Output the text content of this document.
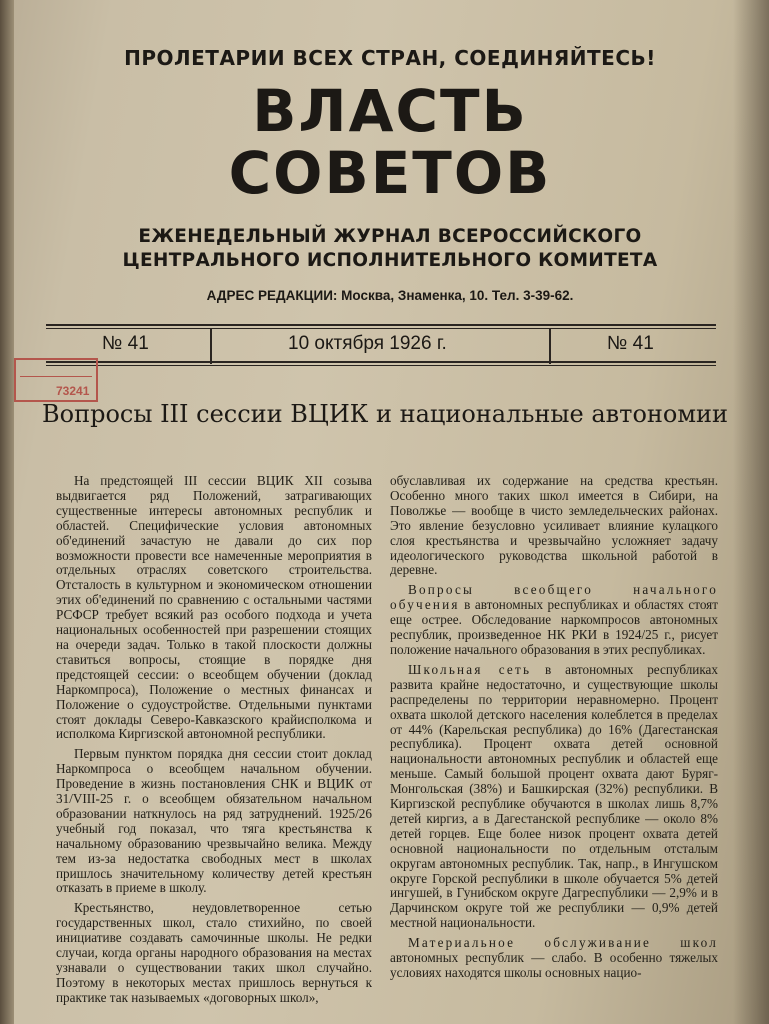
ПРОЛЕТАРИИ ВСЕХ СТРАН, СОЕДИНЯЙТЕСЬ!
ВЛАСТЬ
СОВЕТОВ
ЕЖЕНЕДЕЛЬНЫЙ ЖУРНАЛ ВСЕРОССИЙСКОГО
ЦЕНТРАЛЬНОГО ИСПОЛНИТЕЛЬНОГО КОМИТЕТА
АДРЕС РЕДАКЦИИ: Москва, Знаменка, 10. Тел. 3-39-62.
№ 41	10 октября 1926 г.	№ 41
73241
Вопросы III сессии ВЦИК и национальные автономии

На предстоящей III сессии ВЦИК XII созыва выдвигается ряд Положений, затрагивающих существенные интересы автономных республик и областей. Специфические условия автономных об'единений зачастую не давали до сих пор возможности провести все намеченные мероприятия в отдельных отраслях советского строительства. Отсталость в культурном и экономическом отношении этих об'единений по сравнению с остальными частями РСФСР требует всякий раз особого подхода и учета национальных особенностей при разрешении стоящих на очереди задач. Только в такой плоскости должны ставиться вопросы, стоящие в порядке дня предстоящей сессии: о всеобщем обучении (доклад Наркомпроса), Положение о местных финансах и Положение о судоустройстве. Отдельными пунктами стоят доклады Северо-Кавказского крайисполкома и исполкома Киргизской автономной республики.

Первым пунктом порядка дня сессии стоит доклад Наркомпроса о всеобщем начальном обучении. Проведение в жизнь постановления СНК и ВЦИК от 31/VIII-25 г. о всеобщем обязательном начальном образовании наткнулось на ряд затруднений. 1925/26 учебный год показал, что тяга крестьянства к начальному образованию чрезвычайно велика. Между тем из-за недостатка свободных мест в школах пришлось значительному количеству детей крестьян отказать в приеме в школу.

Крестьянство, неудовлетворенное сетью государственных школ, стало стихийно, по своей инициативе создавать самочинные школы. Не редки случаи, когда органы народного образования на местах узнавали о существовании таких школ случайно. Поэтому в некоторых местах пришлось вернуться к практике так называемых «договорных школ»,

обуславливая их содержание на средства крестьян. Особенно много таких школ имеется в Сибири, на Поволжье — вообще в чисто земледельческих районах. Это явление безусловно усиливает влияние кулацкого слоя крестьянства и чрезвычайно усложняет задачу идеологического руководства школьной работой в деревне.

Вопросы всеобщего начального обучения в автономных республиках и областях стоят еще острее. Обследование наркомпросов автономных республик, произведенное НК РКИ в 1924/25 г., рисует положение начального образования в этих республиках.

Школьная сеть в автономных республиках развита крайне недостаточно, и существующие школы распределены по территории неравномерно. Процент охвата школой детского населения колеблется в пределах от 44% (Карельская республика) до 16% (Дагестанская республика). Процент охвата детей основной национальности автономных республик и областей еще меньше. Самый большой процент охвата дают Буряг-Монгольская (38%) и Башкирская (32%) республики. В Киргизской республике обучаются в школах лишь 8,7% детей киргиз, а в Дагестанской республике — около 8% детей горцев. Еще более низок процент охвата детей основной национальности по отдельным отсталым округам автономных республик. Так, напр., в Ингушском округе Горской республики в школе обучается 5% детей ингушей, в Гунибском округе Дагреспублики — 2,9% и в Дарчинском округе той же республики — 0,9% детей местной национальности.

Материальное обслуживание школ автономных республик — слабо. В особенно тяжелых условиях находятся школы основных нацио-
